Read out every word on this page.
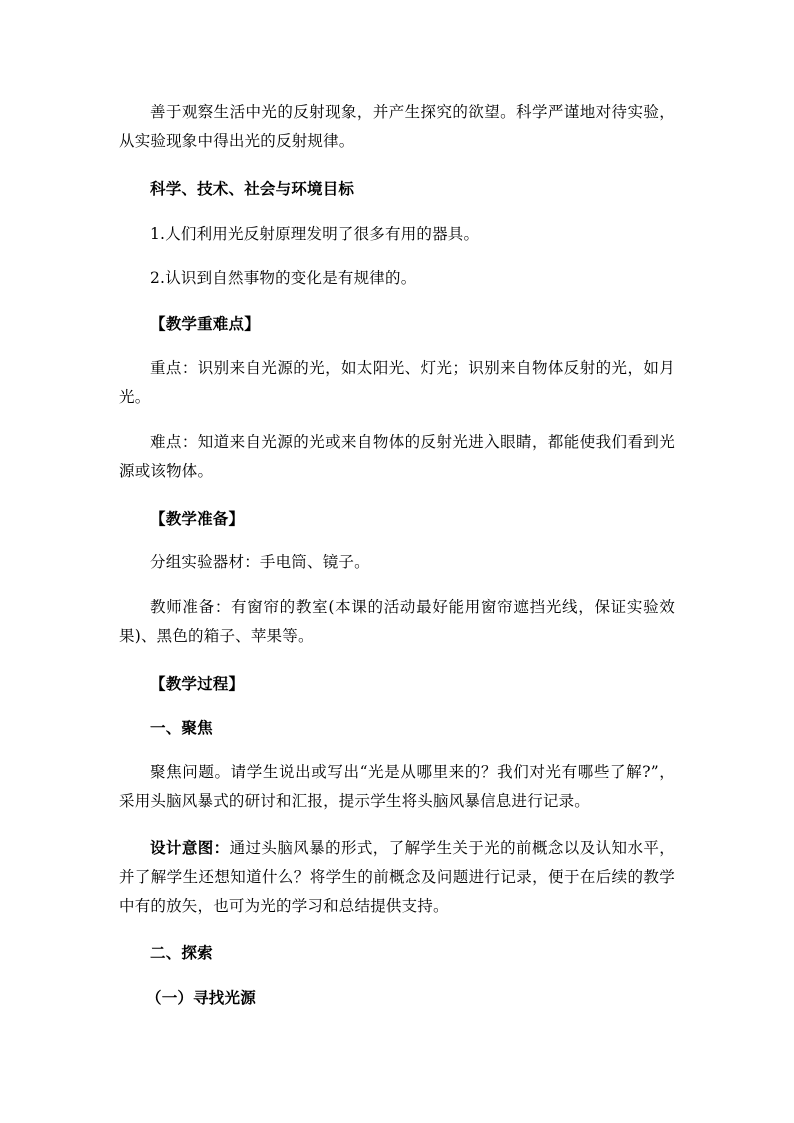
善于观察生活中光的反射现象，并产生探究的欲望。科学严谨地对待实验，从实验现象中得出光的反射规律。

科学、技术、社会与环境目标

1.人们利用光反射原理发明了很多有用的器具。

2.认识到自然事物的变化是有规律的。

【教学重难点】

重点：识别来自光源的光，如太阳光、灯光；识别来自物体反射的光，如月光。

难点：知道来自光源的光或来自物体的反射光进入眼睛，都能使我们看到光源或该物体。

【教学准备】

分组实验器材：手电筒、镜子。

教师准备：有窗帘的教室(本课的活动最好能用窗帘遮挡光线，保证实验效果)、黑色的箱子、苹果等。

【教学过程】

一、聚焦

聚焦问题。请学生说出或写出“光是从哪里来的？我们对光有哪些了解?”，采用头脑风暴式的研讨和汇报，提示学生将头脑风暴信息进行记录。

设计意图：通过头脑风暴的形式，了解学生关于光的前概念以及认知水平，并了解学生还想知道什么？将学生的前概念及问题进行记录，便于在后续的教学中有的放矢，也可为光的学习和总结提供支持。

二、探索

（一）寻找光源
